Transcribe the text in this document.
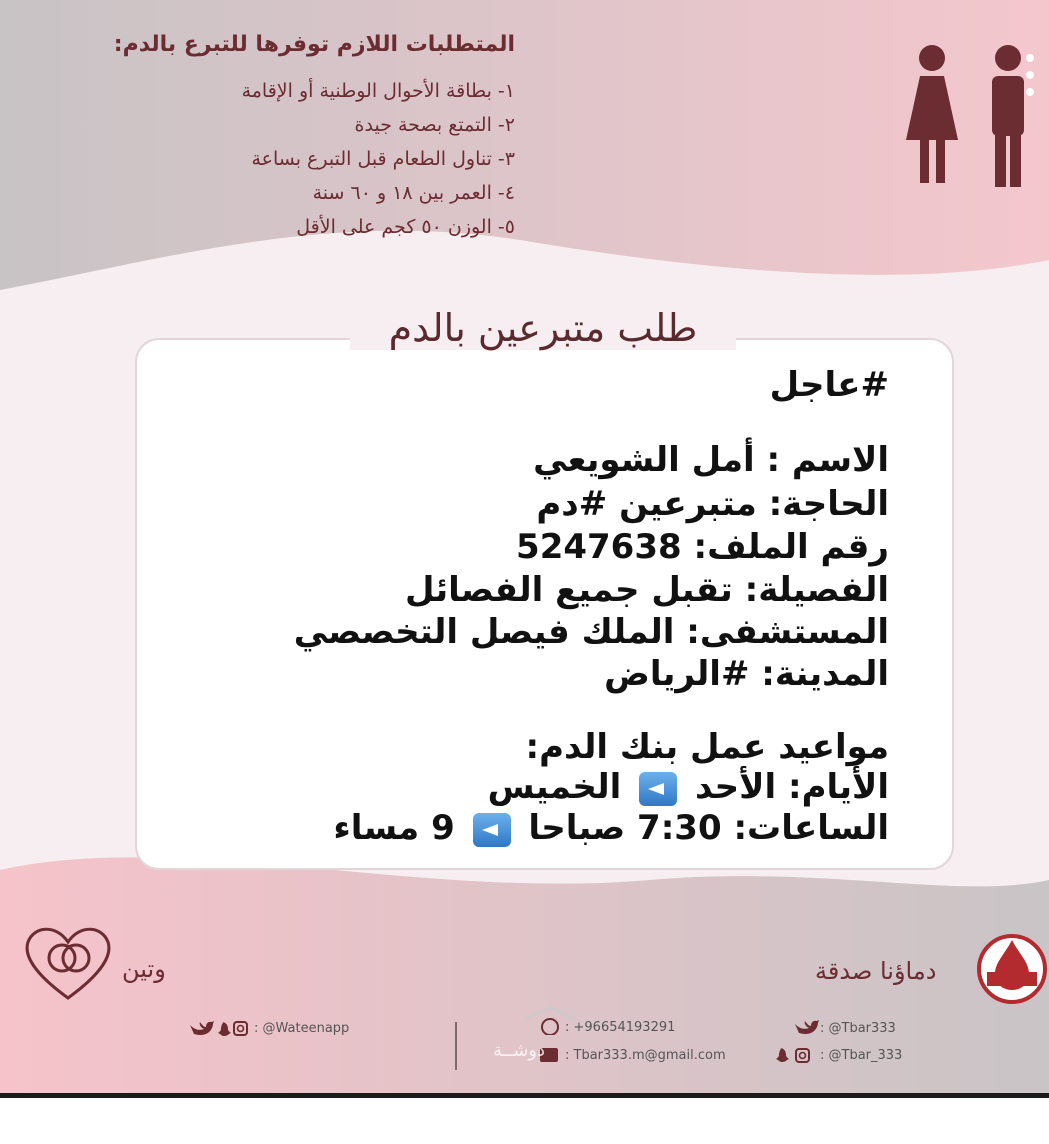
المتطلبات اللازم توفرها للتبرع بالدم:
١- بطاقة الأحوال الوطنية أو الإقامة
٢- التمتع بصحة جيدة
٣- تناول الطعام قبل التبرع بساعة
٤- العمر بين ١٨ و ٦٠ سنة
٥- الوزن ٥٠ كجم على الأقل
طلب متبرعين بالدم
#عاجل
الاسم : أمل الشويعي
الحاجة: متبرعين #دم
رقم الملف: 5247638
الفصيلة: تقبل جميع الفصائل
المستشفى: الملك فيصل التخصصي
المدينة: #الرياض
مواعيد عمل بنك الدم:
الأيام: الأحد  الخميس
الساعات: 7:30 صباحا  9 مساء
وتين
: @Wateenapp	: +96654193291
: Tbar333.m@gmail.com
دوشــة
دماؤنا صدقة
: @Tbar333
: @Tbar_333
